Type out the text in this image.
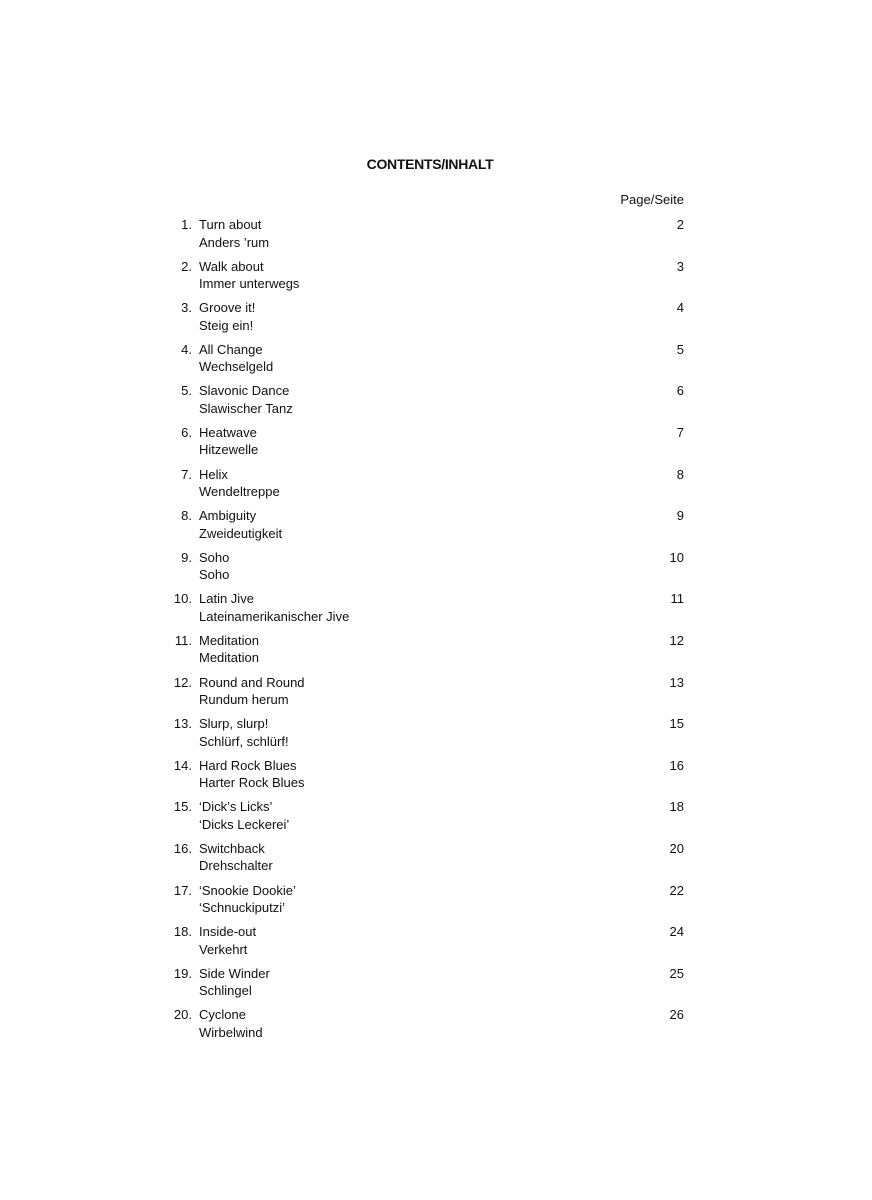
CONTENTS/INHALT
Page/Seite
1. Turn about
Anders ’rum
2
2. Walk about
Immer unterwegs
3
3. Groove it!
Steig ein!
4
4. All Change
Wechselgeld
5
5. Slavonic Dance
Slawischer Tanz
6
6. Heatwave
Hitzewelle
7
7. Helix
Wendeltreppe
8
8. Ambiguity
Zweideutigkeit
9
9. Soho
Soho
10
10. Latin Jive
Lateinamerikanischer Jive
11
11. Meditation
Meditation
12
12. Round and Round
Rundum herum
13
13. Slurp, slurp!
Schlürf, schlürf!
15
14. Hard Rock Blues
Harter Rock Blues
16
15. ‘Dick’s Licks’
‘Dicks Leckerei’
18
16. Switchback
Drehschalter
20
17. ‘Snookie Dookie’
‘Schnuckiputzi’
22
18. Inside-out
Verkehrt
24
19. Side Winder
Schlingel
25
20. Cyclone
Wirbelwind
26
